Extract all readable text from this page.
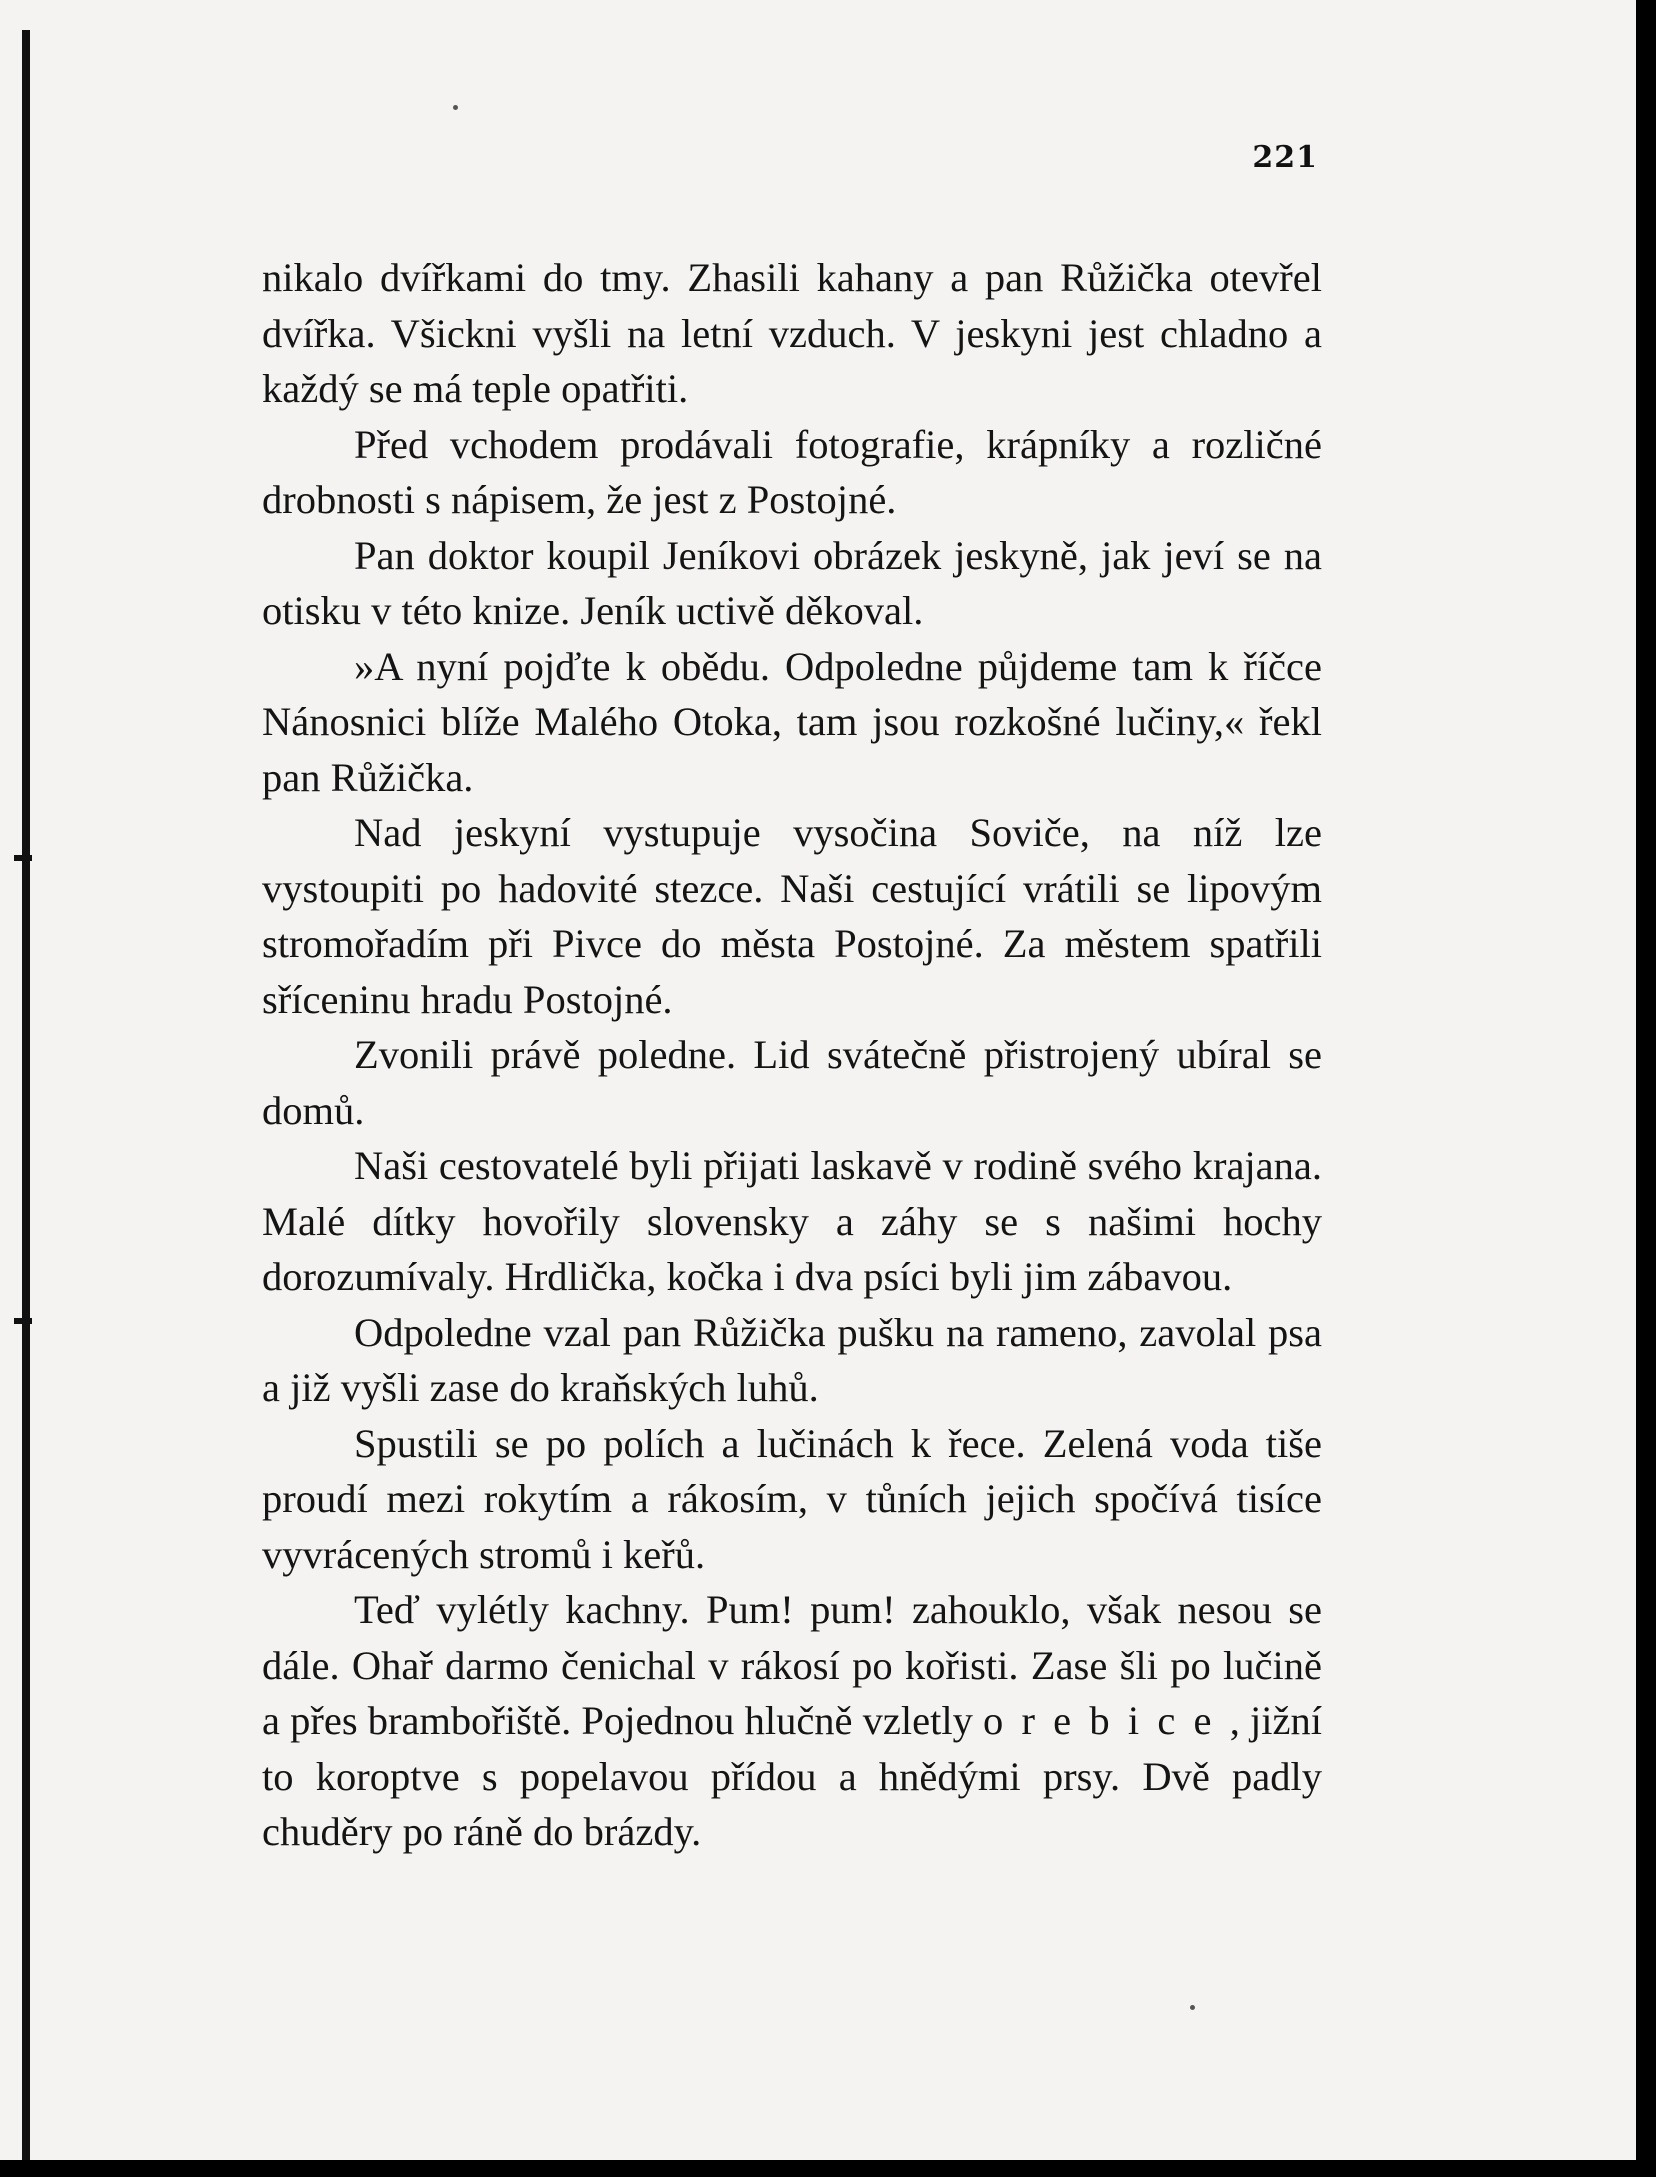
221

nikalo dvířkami do tmy. Zhasili kahany a pan Růžička otevřel dvířka. Všickni vyšli na letní vzduch. V jeskyni jest chladno a každý se má teple opatřiti.

Před vchodem prodávali fotografie, krápníky a rozličné drobnosti s nápisem, že jest z Postojné.

Pan doktor koupil Jeníkovi obrázek jeskyně, jak jeví se na otisku v této knize. Jeník uctivě děkoval.

»A nyní pojďte k obědu. Odpoledne půjdeme tam k říčce Nánosnici blíže Malého Otoka, tam jsou rozkošné lučiny,« řekl pan Růžička.

Nad jeskyní vystupuje vysočina Soviče, na níž lze vystoupiti po hadovité stezce. Naši cestující vrátili se lipovým stromořadím při Pivce do města Postojné. Za městem spatřili sříceninu hradu Postojné.

Zvonili právě poledne. Lid svátečně přistrojený ubíral se domů.

Naši cestovatelé byli přijati laskavě v rodině svého krajana. Malé dítky hovořily slovensky a záhy se s našimi hochy dorozumívaly. Hrdlička, kočka i dva psíci byli jim zábavou.

Odpoledne vzal pan Růžička pušku na rameno, zavolal psa a již vyšli zase do kraňských luhů.

Spustili se po polích a lučinách k řece. Zelená voda tiše proudí mezi rokytím a rákosím, v tůních jejich spočívá tisíce vyvrácených stromů i keřů.

Teď vylétly kachny. Pum! pum! zahouklo, však nesou se dále. Ohař darmo čenichal v rákosí po kořisti. Zase šli po lučině a přes brambořiště. Pojednou hlučně vzletly orebice, jižní to koroptve s popelavou přídou a hnědými prsy. Dvě padly chuděry po ráně do brázdy.
